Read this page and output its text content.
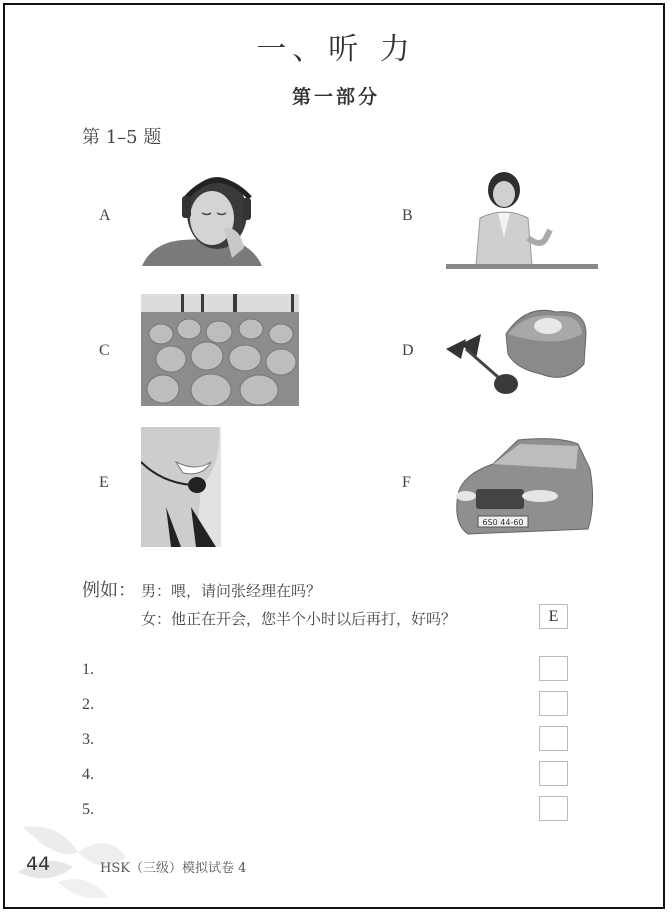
一、听 力
第一部分
第 1–5 题
A	B
C	D
E	F
6S0 44-60
例如： 男：喂，请问张经理在吗？
女：他正在开会，您半个小时以后再打，好吗？	E
1.
2.
3.
4.
5.
44	HSK（三级）模拟试卷 4
